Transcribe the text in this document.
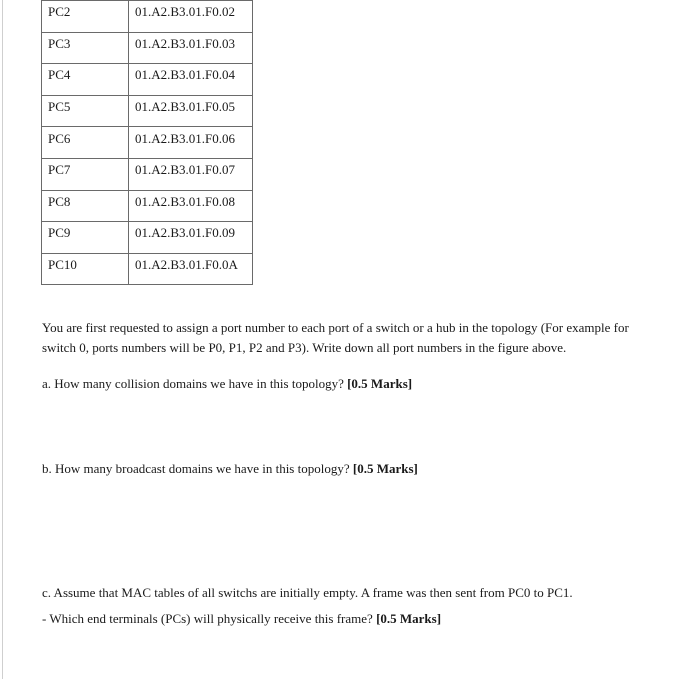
PC2	01.A2.B3.01.F0.02
PC3	01.A2.B3.01.F0.03
PC4	01.A2.B3.01.F0.04
PC5	01.A2.B3.01.F0.05
PC6	01.A2.B3.01.F0.06
PC7	01.A2.B3.01.F0.07
PC8	01.A2.B3.01.F0.08
PC9	01.A2.B3.01.F0.09
PC10	01.A2.B3.01.F0.0A

You are first requested to assign a port number to each port of a switch or a hub in the topology (For example for
switch 0, ports numbers will be P0, P1, P2 and P3). Write down all port numbers in the figure above.

a. How many collision domains we have in this topology? [0.5 Marks]

b. How many broadcast domains we have in this topology? [0.5 Marks]

c. Assume that MAC tables of all switchs are initially empty. A frame was then sent from PC0 to PC1.

- Which end terminals (PCs) will physically receive this frame? [0.5 Marks]
